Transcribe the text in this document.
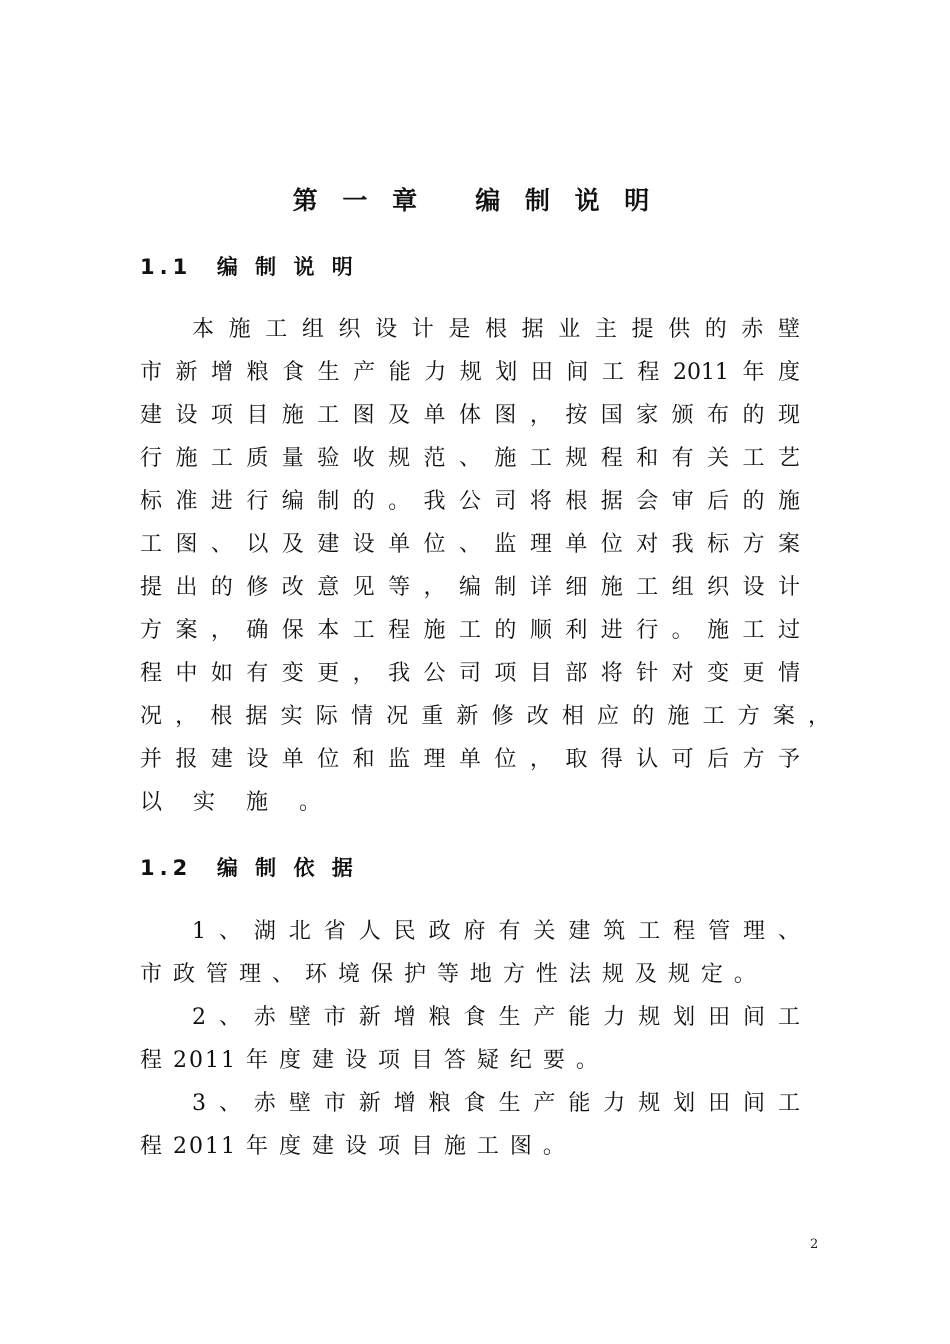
第 一 章   编 制 说 明
1.1  编 制 说 明
本施工组织设计是根据业主提供的赤壁
市新增粮食生产能力规划田间工程2011年度
建设项目施工图及单体图，按国家颁布的现
行施工质量验收规范、施工规程和有关工艺
标准进行编制的。我公司将根据会审后的施
工图、以及建设单位、监理单位对我标方案
提出的修改意见等，编制详细施工组织设计
方案，确保本工程施工的顺利进行。施工过
程中如有变更，我公司项目部将针对变更情
况，根据实际情况重新修改相应的施工方案，
并报建设单位和监理单位，取得认可后方予
以 实 施 。
1.2  编 制 依 据
1、湖北省人民政府有关建筑工程管理、
市 政 管 理 、 环 境 保 护 等 地 方 性 法 规 及 规 定 。
2、赤壁市新增粮食生产能力规划田间工
程 2011 年 度 建 设 项 目 答 疑 纪 要 。
3、赤壁市新增粮食生产能力规划田间工
程 2011 年 度 建 设 项 目 施 工 图 。
2
